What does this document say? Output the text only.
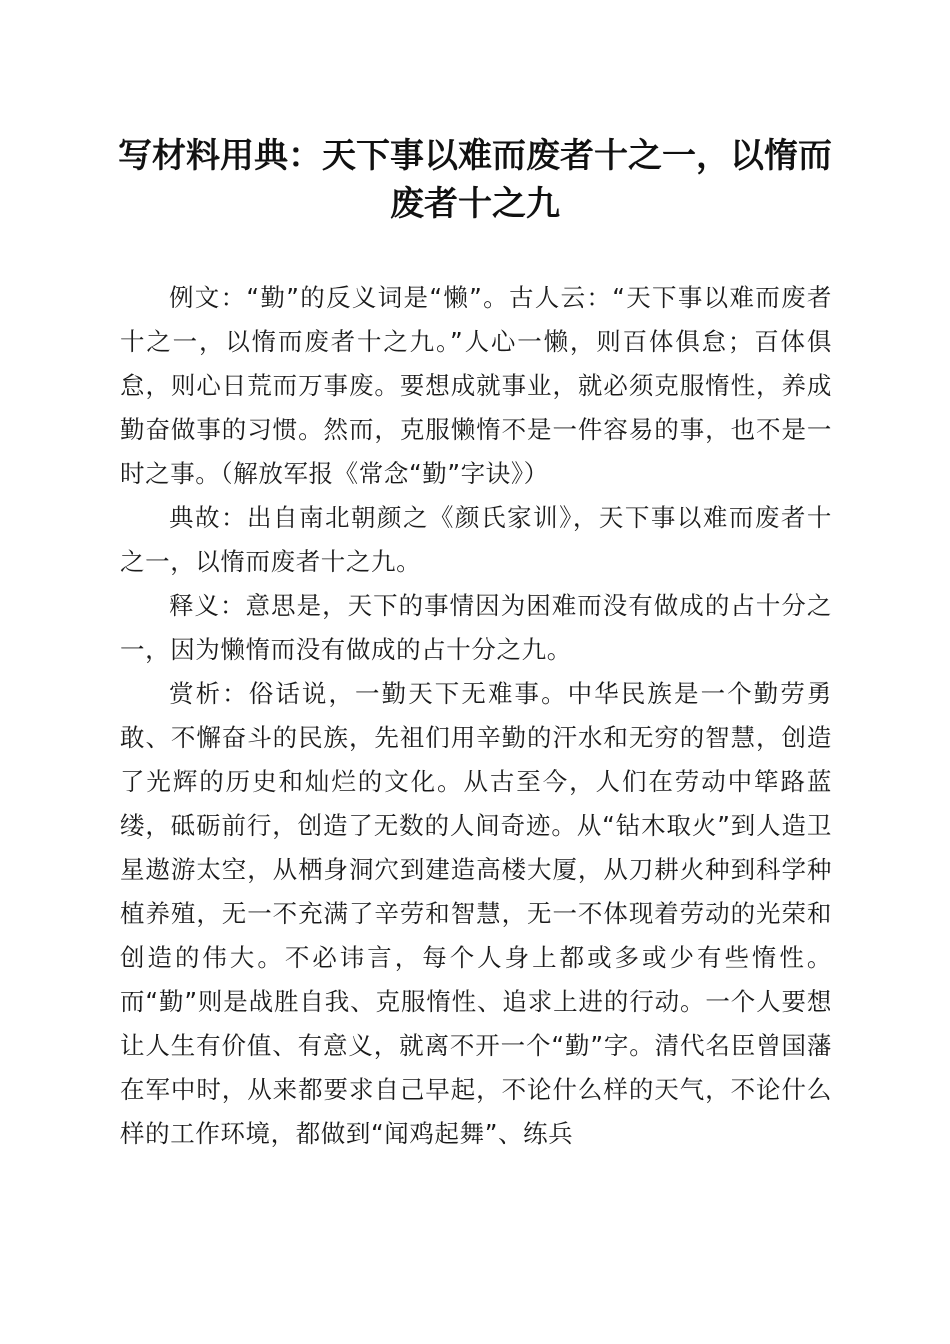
写材料用典：天下事以难而废者十之一，以惰而废者十之九

例文：“勤”的反义词是“懒”。古人云：“天下事以难而废者十之一，以惰而废者十之九。”人心一懒，则百体俱怠；百体俱怠，则心日荒而万事废。要想成就事业，就必须克服惰性，养成勤奋做事的习惯。然而，克服懒惰不是一件容易的事，也不是一时之事。（解放军报《常念“勤”字诀》）

典故：出自南北朝颜之《颜氏家训》，天下事以难而废者十之一，以惰而废者十之九。

释义：意思是，天下的事情因为困难而没有做成的占十分之一，因为懒惰而没有做成的占十分之九。

赏析：俗话说，一勤天下无难事。中华民族是一个勤劳勇敢、不懈奋斗的民族，先祖们用辛勤的汗水和无穷的智慧，创造了光辉的历史和灿烂的文化。从古至今，人们在劳动中筚路蓝缕，砥砺前行，创造了无数的人间奇迹。从“钻木取火”到人造卫星遨游太空，从栖身洞穴到建造高楼大厦，从刀耕火种到科学种植养殖，无一不充满了辛劳和智慧，无一不体现着劳动的光荣和创造的伟大。不必讳言，每个人身上都或多或少有些惰性。而“勤”则是战胜自我、克服惰性、追求上进的行动。一个人要想让人生有价值、有意义，就离不开一个“勤”字。清代名臣曾国藩在军中时，从来都要求自己早起，不论什么样的天气，不论什么样的工作环境，都做到“闻鸡起舞”、练兵
